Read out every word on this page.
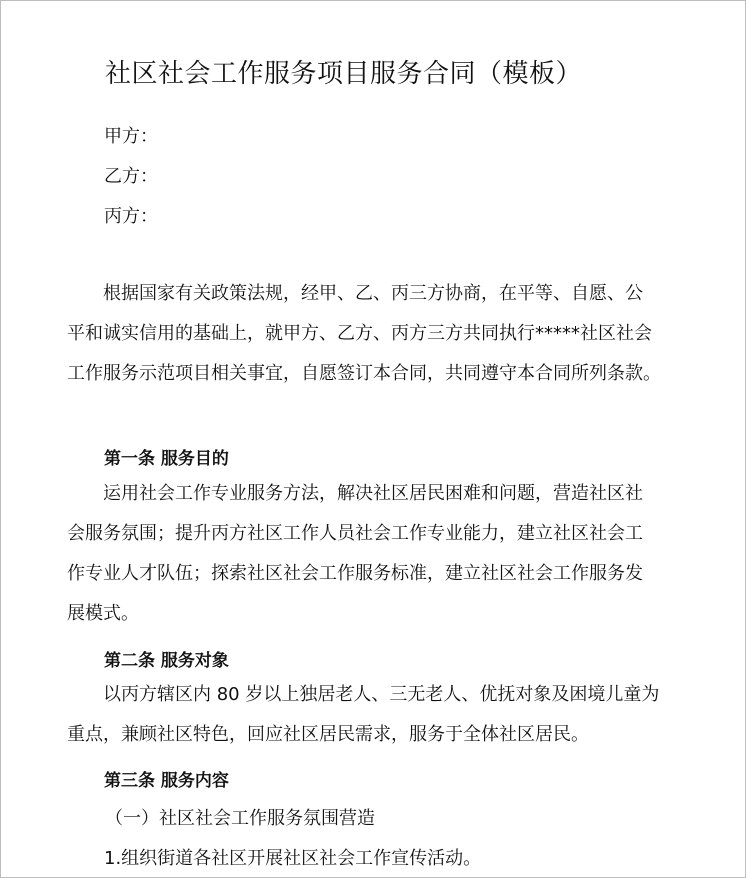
社区社会工作服务项目服务合同（模板）
甲方：
乙方：
丙方：
根据国家有关政策法规，经甲、乙、丙三方协商，在平等、自愿、公
平和诚实信用的基础上，就甲方、乙方、丙方三方共同执行*****社区社会
工作服务示范项目相关事宜，自愿签订本合同，共同遵守本合同所列条款。
第一条 服务目的
运用社会工作专业服务方法，解决社区居民困难和问题，营造社区社
会服务氛围；提升丙方社区工作人员社会工作专业能力，建立社区社会工
作专业人才队伍；探索社区社会工作服务标准，建立社区社会工作服务发
展模式。
第二条 服务对象
以丙方辖区内 80 岁以上独居老人、三无老人、优抚对象及困境儿童为
重点，兼顾社区特色，回应社区居民需求，服务于全体社区居民。
第三条 服务内容
（一）社区社会工作服务氛围营造
1.组织街道各社区开展社区社会工作宣传活动。
